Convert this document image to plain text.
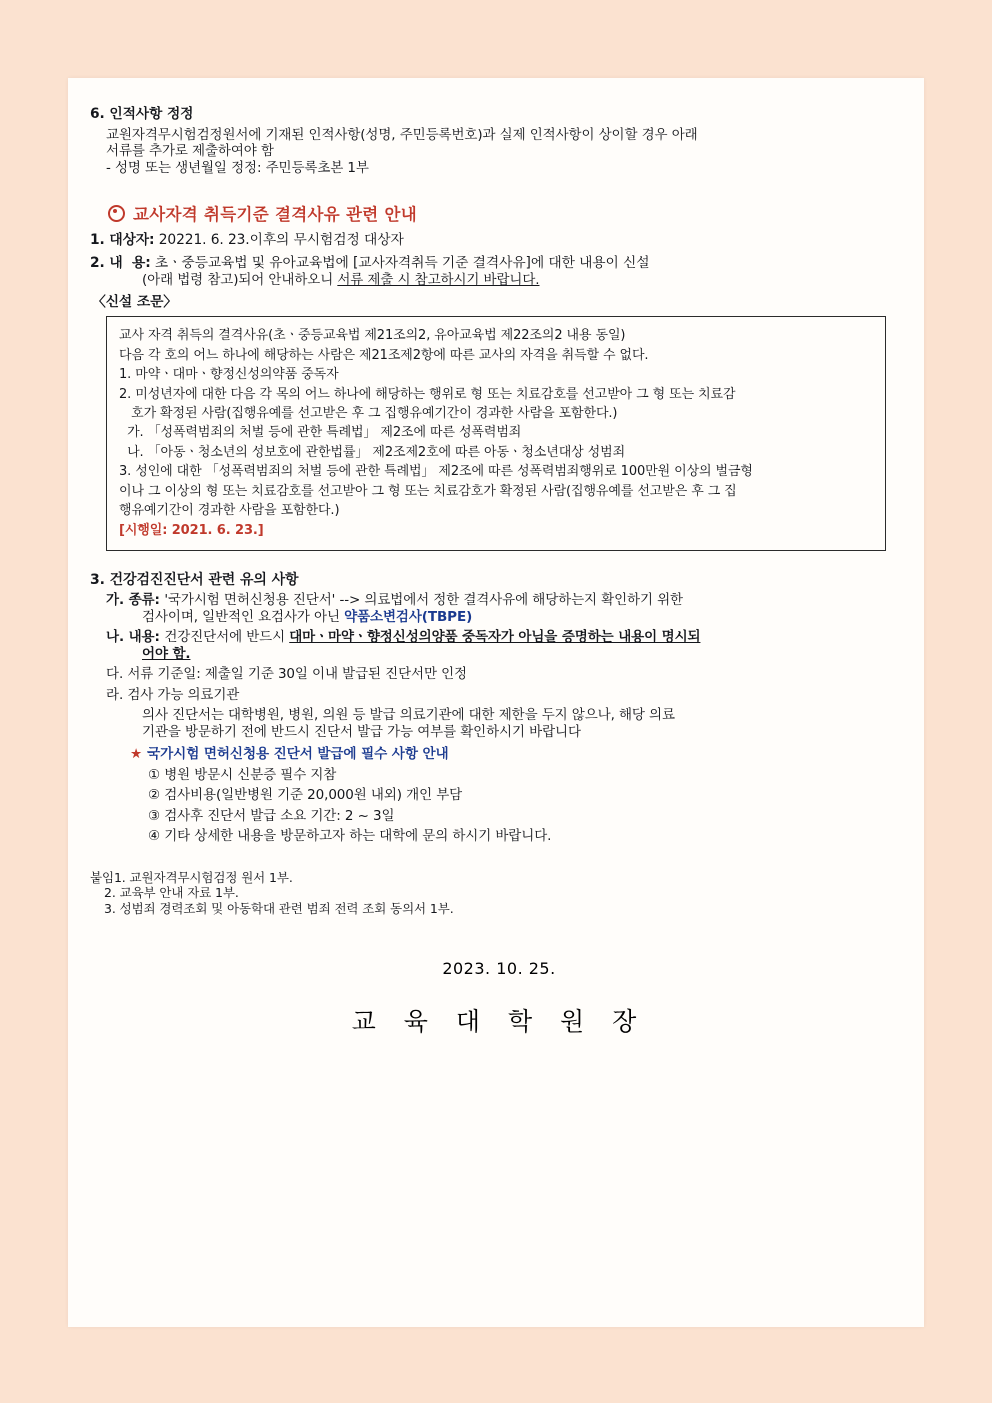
6. 인적사항 정정
교원자격무시험검정원서에 기재된 인적사항(성명, 주민등록번호)과 실제 인적사항이 상이할 경우 아래
서류를 추가로 제출하여야 함
- 성명 또는 생년월일 정정: 주민등록초본 1부
교사자격 취득기준 결격사유 관련 안내
1. 대상자: 20221. 6. 23.이후의 무시험검정 대상자
2. 내  용: 초ㆍ중등교육법 및 유아교육법에 [교사자격취득 기준 결격사유]에 대한 내용이 신설
(아래 법령 참고)되어 안내하오니 서류 제출 시 참고하시기 바랍니다.
〈신설 조문〉
교사 자격 취득의 결격사유(초ㆍ중등교육법 제21조의2, 유아교육법 제22조의2 내용 동일)
다음 각 호의 어느 하나에 해당하는 사람은 제21조제2항에 따른 교사의 자격을 취득할 수 없다.
1. 마약ㆍ대마ㆍ향정신성의약품 중독자
2. 미성년자에 대한 다음 각 목의 어느 하나에 해당하는 행위로 형 또는 치료감호를 선고받아 그 형 또는 치료감
호가 확정된 사람(집행유예를 선고받은 후 그 집행유예기간이 경과한 사람을 포함한다.)
가. 「성폭력범죄의 처벌 등에 관한 특례법」 제2조에 따른 성폭력범죄
나. 「아동ㆍ청소년의 성보호에 관한법률」 제2조제2호에 따른 아동ㆍ청소년대상 성범죄
3. 성인에 대한 「성폭력범죄의 처벌 등에 관한 특례법」 제2조에 따른 성폭력범죄행위로 100만원 이상의 벌금형
이나 그 이상의 형 또는 치료감호를 선고받아 그 형 또는 치료감호가 확정된 사람(집행유예를 선고받은 후 그 집
행유예기간이 경과한 사람을 포함한다.)
[시행일: 2021. 6. 23.]
3. 건강검진진단서 관련 유의 사항
가. 종류: '국가시험 면허신청용 진단서' --> 의료법에서 정한 결격사유에 해당하는지 확인하기 위한
검사이며, 일반적인 요검사가 아닌 약품소변검사(TBPE)
나. 내용: 건강진단서에 반드시 대마ㆍ마약ㆍ향정신성의양품 중독자가 아님을 증명하는 내용이 명시되
어야 함.
다. 서류 기준일: 제출일 기준 30일 이내 발급된 진단서만 인정
라. 검사 가능 의료기관
의사 진단서는 대학병원, 병원, 의원 등 발급 의료기관에 대한 제한을 두지 않으나, 해당 의료
기관을 방문하기 전에 반드시 진단서 발급 가능 여부를 확인하시기 바랍니다
★ 국가시험 면허신청용 진단서 발급에 필수 사항 안내
① 병원 방문시 신분증 필수 지참
② 검사비용(일반병원 기준 20,000원 내외) 개인 부담
③ 검사후 진단서 발급 소요 기간: 2 ~ 3일
④ 기타 상세한 내용을 방문하고자 하는 대학에 문의 하시기 바랍니다.
붙임1. 교원자격무시험검정 원서 1부.
2. 교육부 안내 자료 1부.
3. 성범죄 경력조회 및 아동학대 관련 범죄 전력 조회 동의서 1부.
2023. 10. 25.
교 육 대 학 원 장
